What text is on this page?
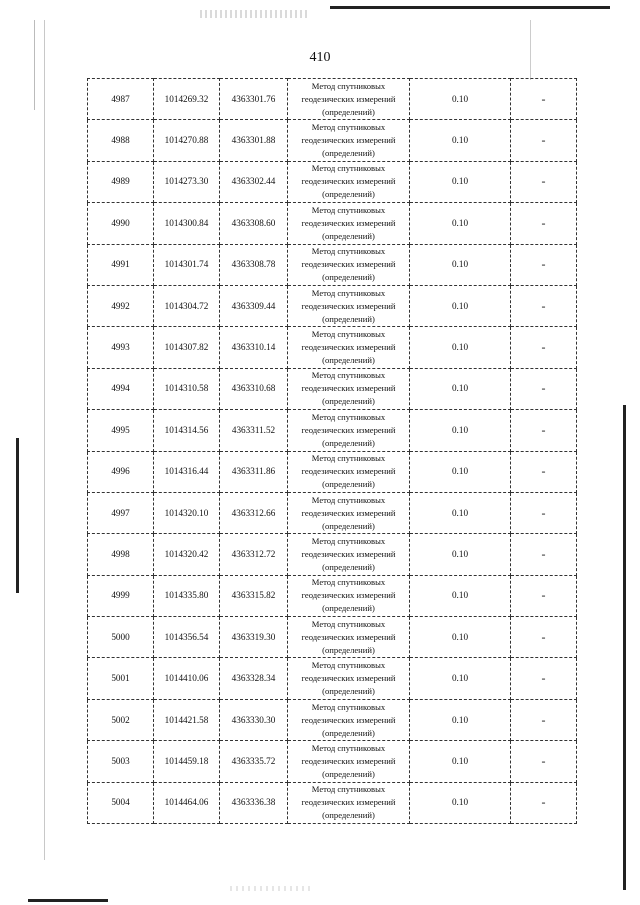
410
4987	1014269.32	4363301.76	Метод спутниковых
геодезических измерений
(определений)	0.10	-
4988	1014270.88	4363301.88	Метод спутниковых
геодезических измерений
(определений)	0.10	-
4989	1014273.30	4363302.44	Метод спутниковых
геодезических измерений
(определений)	0.10	-
4990	1014300.84	4363308.60	Метод спутниковых
геодезических измерений
(определений)	0.10	-
4991	1014301.74	4363308.78	Метод спутниковых
геодезических измерений
(определений)	0.10	-
4992	1014304.72	4363309.44	Метод спутниковых
геодезических измерений
(определений)	0.10	-
4993	1014307.82	4363310.14	Метод спутниковых
геодезических измерений
(определений)	0.10	-
4994	1014310.58	4363310.68	Метод спутниковых
геодезических измерений
(определений)	0.10	-
4995	1014314.56	4363311.52	Метод спутниковых
геодезических измерений
(определений)	0.10	-
4996	1014316.44	4363311.86	Метод спутниковых
геодезических измерений
(определений)	0.10	-
4997	1014320.10	4363312.66	Метод спутниковых
геодезических измерений
(определений)	0.10	-
4998	1014320.42	4363312.72	Метод спутниковых
геодезических измерений
(определений)	0.10	-
4999	1014335.80	4363315.82	Метод спутниковых
геодезических измерений
(определений)	0.10	-
5000	1014356.54	4363319.30	Метод спутниковых
геодезических измерений
(определений)	0.10	-
5001	1014410.06	4363328.34	Метод спутниковых
геодезических измерений
(определений)	0.10	-
5002	1014421.58	4363330.30	Метод спутниковых
геодезических измерений
(определений)	0.10	-
5003	1014459.18	4363335.72	Метод спутниковых
геодезических измерений
(определений)	0.10	-
5004	1014464.06	4363336.38	Метод спутниковых
геодезических измерений
(определений)	0.10	-
